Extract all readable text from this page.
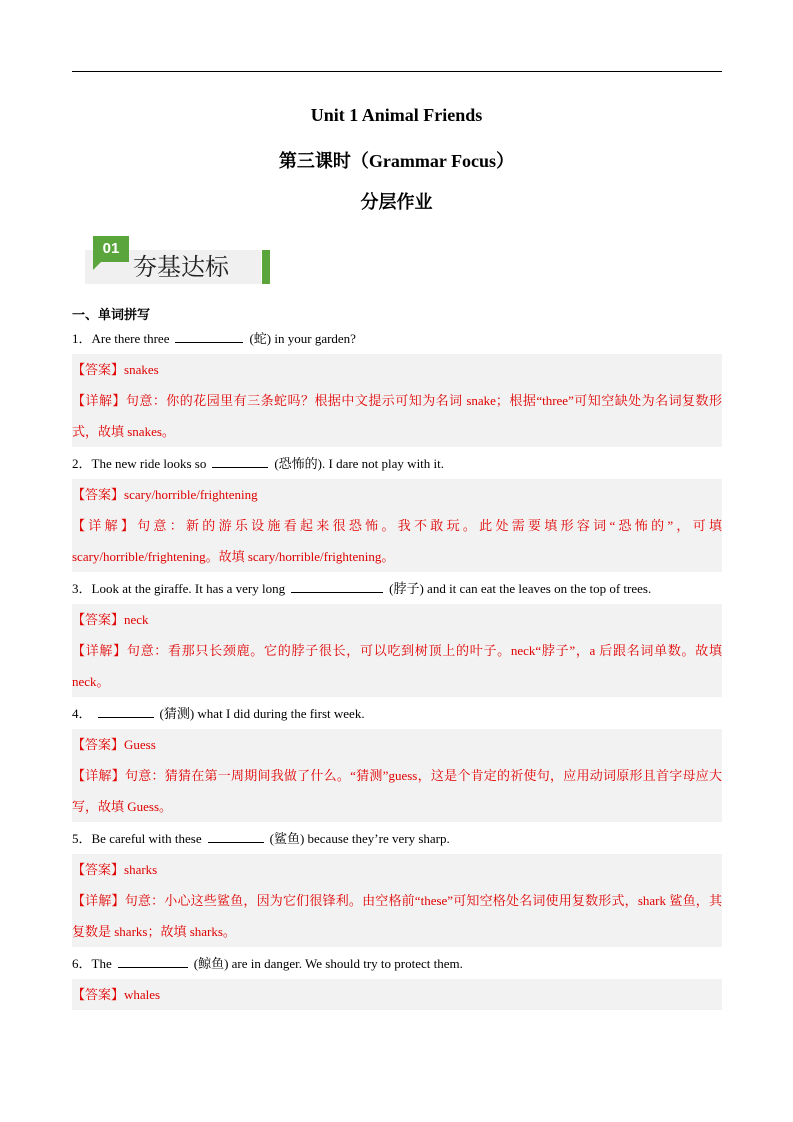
Unit 1 Animal Friends
第三课时（Grammar Focus）
分层作业
01
夯基达标
一、单词拼写
1．Are there three	(蛇) in your garden?
【答案】snakes
【详解】句意：你的花园里有三条蛇吗？根据中文提示可知为名词 snake；根据“three”可知空缺处为名词复数形式，故填 snakes。
2．The new ride looks so	(恐怖的). I dare not play with it.
【答案】scary/horrible/frightening
【详解】句意：新的游乐设施看起来很恐怖。我不敢玩。此处需要填形容词“恐怖的”，可填 scary/horrible/frightening。故填 scary/horrible/frightening。
3．Look at the giraffe. It has a very long	(脖子) and it can eat the leaves on the top of trees.
【答案】neck
【详解】句意：看那只长颈鹿。它的脖子很长，可以吃到树顶上的叶子。neck“脖子”，a 后跟名词单数。故填 neck。
4．	(猜测) what I did during the first week.
【答案】Guess
【详解】句意：猜猜在第一周期间我做了什么。“猜测”guess，这是个肯定的祈使句，应用动词原形且首字母应大写，故填 Guess。
5．Be careful with these	(鲨鱼) because they’re very sharp.
【答案】sharks
【详解】句意：小心这些鲨鱼，因为它们很锋利。由空格前“these”可知空格处名词使用复数形式，shark 鲨鱼，其复数是 sharks；故填 sharks。
6．The	(鲸鱼) are in danger. We should try to protect them.
【答案】whales
